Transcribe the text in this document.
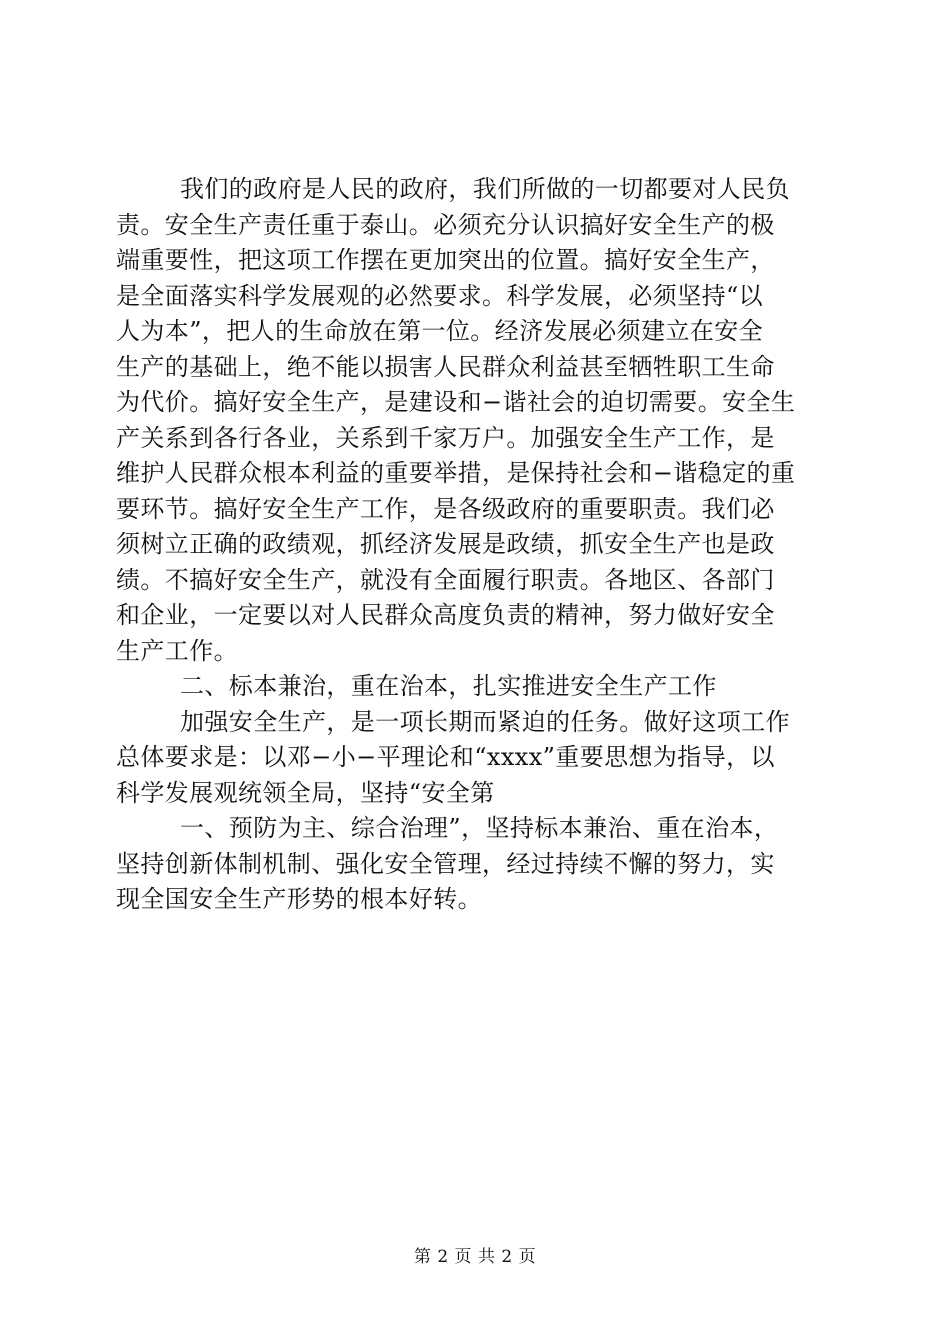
我们的政府是人民的政府，我们所做的一切都要对人民负
责。安全生产责任重于泰山。必须充分认识搞好安全生产的极
端重要性，把这项工作摆在更加突出的位置。搞好安全生产，
是全面落实科学发展观的必然要求。科学发展，必须坚持“以
人为本”，把人的生命放在第一位。经济发展必须建立在安全
生产的基础上，绝不能以损害人民群众利益甚至牺牲职工生命
为代价。搞好安全生产，是建设和−谐社会的迫切需要。安全生
产关系到各行各业，关系到千家万户。加强安全生产工作，是
维护人民群众根本利益的重要举措，是保持社会和−谐稳定的重
要环节。搞好安全生产工作，是各级政府的重要职责。我们必
须树立正确的政绩观，抓经济发展是政绩，抓安全生产也是政
绩。不搞好安全生产，就没有全面履行职责。各地区、各部门
和企业，一定要以对人民群众高度负责的精神，努力做好安全
生产工作。
二、标本兼治，重在治本，扎实推进安全生产工作
加强安全生产，是一项长期而紧迫的任务。做好这项工作
总体要求是：以邓−小−平理论和“xxxx”重要思想为指导，以
科学发展观统领全局，坚持“安全第
一、预防为主、综合治理”，坚持标本兼治、重在治本，
坚持创新体制机制、强化安全管理，经过持续不懈的努力，实
现全国安全生产形势的根本好转。
第 2 页 共 2 页
